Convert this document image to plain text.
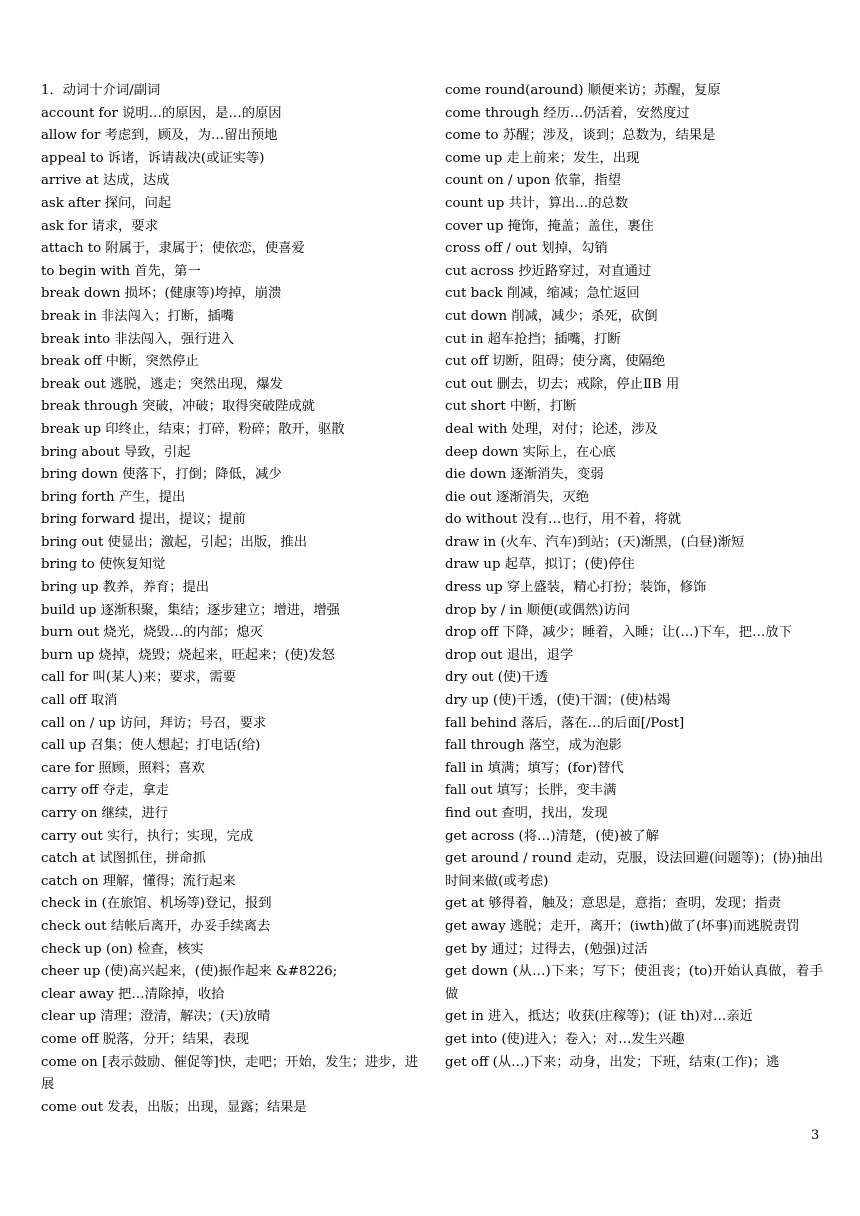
1．动词十介词/副词

account for 说明…的原因，是…的原因

allow for 考虑到，顾及，为…留出预地

appeal to 诉诸，诉请裁决(或证实等)

arrive at 达成，达成

ask after 探问，问起

ask for 请求，要求

attach to 附属于，隶属于；使依恋，使喜爱

to begin with 首先，第一

break down 损坏；(健康等)垮掉，崩溃

break in 非法闯入；打断，插嘴

break into 非法闯入，强行进入

break off 中断，突然停止

break out 逃脱，逃走；突然出现，爆发

break through 突破，冲破；取得突破陛成就

break up 印终止，结束；打碎，粉碎；散开，驱散

bring about 导致，引起

bring down 使落下，打倒；降低，减少

bring forth 产生，提出

bring forward 提出，提议；提前

bring out 使显出；激起，引起；出版，推出

bring to 使恢复知觉

bring up 教养，养育；提出

build up 逐渐积聚，集结；逐步建立；增进，增强

burn out 烧光，烧毁…的内部；熄灭

burn up 烧掉，烧毁；烧起来，旺起来；(使)发怒

call for 叫(某人)来；要求，需要

call off 取消

call on / up 访问，拜访；号召，要求

call up 召集；使人想起；打电话(给)

care for 照顾，照料；喜欢

carry off 夺走，拿走

carry on 继续，进行

carry out 实行，执行；实现，完成

catch at 试图抓住，拼命抓

catch on 理解，懂得；流行起来

check in (在旅馆、机场等)登记，报到

check out 结帐后离开，办妥手续离去

check up (on) 检查，核实

cheer up (使)高兴起来，(使)振作起来 &#8226;

clear away 把…清除掉，收拾

clear up 清理；澄清，解决；(天)放晴

come off 脱落，分开；结果，表现

come on [表示鼓励、催促等]快，走吧；开始，发生；进步，进展

come out 发表，出版；出现，显露；结果是

come round(around) 顺便来访；苏醒，复原

come through 经历…仍活着，安然度过

come to 苏醒；涉及，谈到；总数为，结果是

come up 走上前来；发生，出现

count on / upon 依靠，指望

count up 共计，算出…的总数

cover up 掩饰，掩盖；盖住，裹住

cross off / out 划掉，勾销

cut across 抄近路穿过，对直通过

cut back 削减，缩减；急忙返回

cut down 削减，减少；杀死，砍倒

cut in 超车抢挡；插嘴，打断

cut off 切断，阻碍；使分离，使隔绝

cut out 删去，切去；戒除，停止ⅡB 用

cut short 中断，打断

deal with 处理，对付；论述，涉及

deep down 实际上，在心底

die down 逐渐消失，变弱

die out 逐渐消失，灭绝

do without 没有…也行，用不着，将就

draw in (火车、汽车)到站；(天)渐黑，(白昼)渐短

draw up 起草，拟订；(使)停住

dress up 穿上盛装，精心打扮；装饰，修饰

drop by / in 顺便(或偶然)访问

drop off 下降，减少；睡着，入睡；让(…)下车，把…放下

drop out 退出，退学

dry out (使)干透

dry up (使)干透，(使)干涸；(使)枯竭

fall behind 落后，落在…的后面[/Post]

fall through 落空，成为泡影

fall in 填满；填写；(for)替代

fall out 填写；长胖，变丰满

find out 查明，找出，发现

get across (将…)清楚，(使)被了解

get around / round 走动，克服，设法回避(问题等)；(协)抽出时间来做(或考虑)

get at 够得着，触及；意思是，意指；查明，发现；指责

get away 逃脱；走开，离开；(iwth)做了(坏事)而逃脱责罚

get by 通过；过得去，(勉强)过活

get down (从…)下来；写下；使沮丧；(to)开始认真做，着手做

get in 进入，抵达；收获(庄稼等)；(证 th)对…亲近

get into (使)进入；卷入；对…发生兴趣

get off (从…)下来；动身，出发；下班，结束(工作)；逃

3
